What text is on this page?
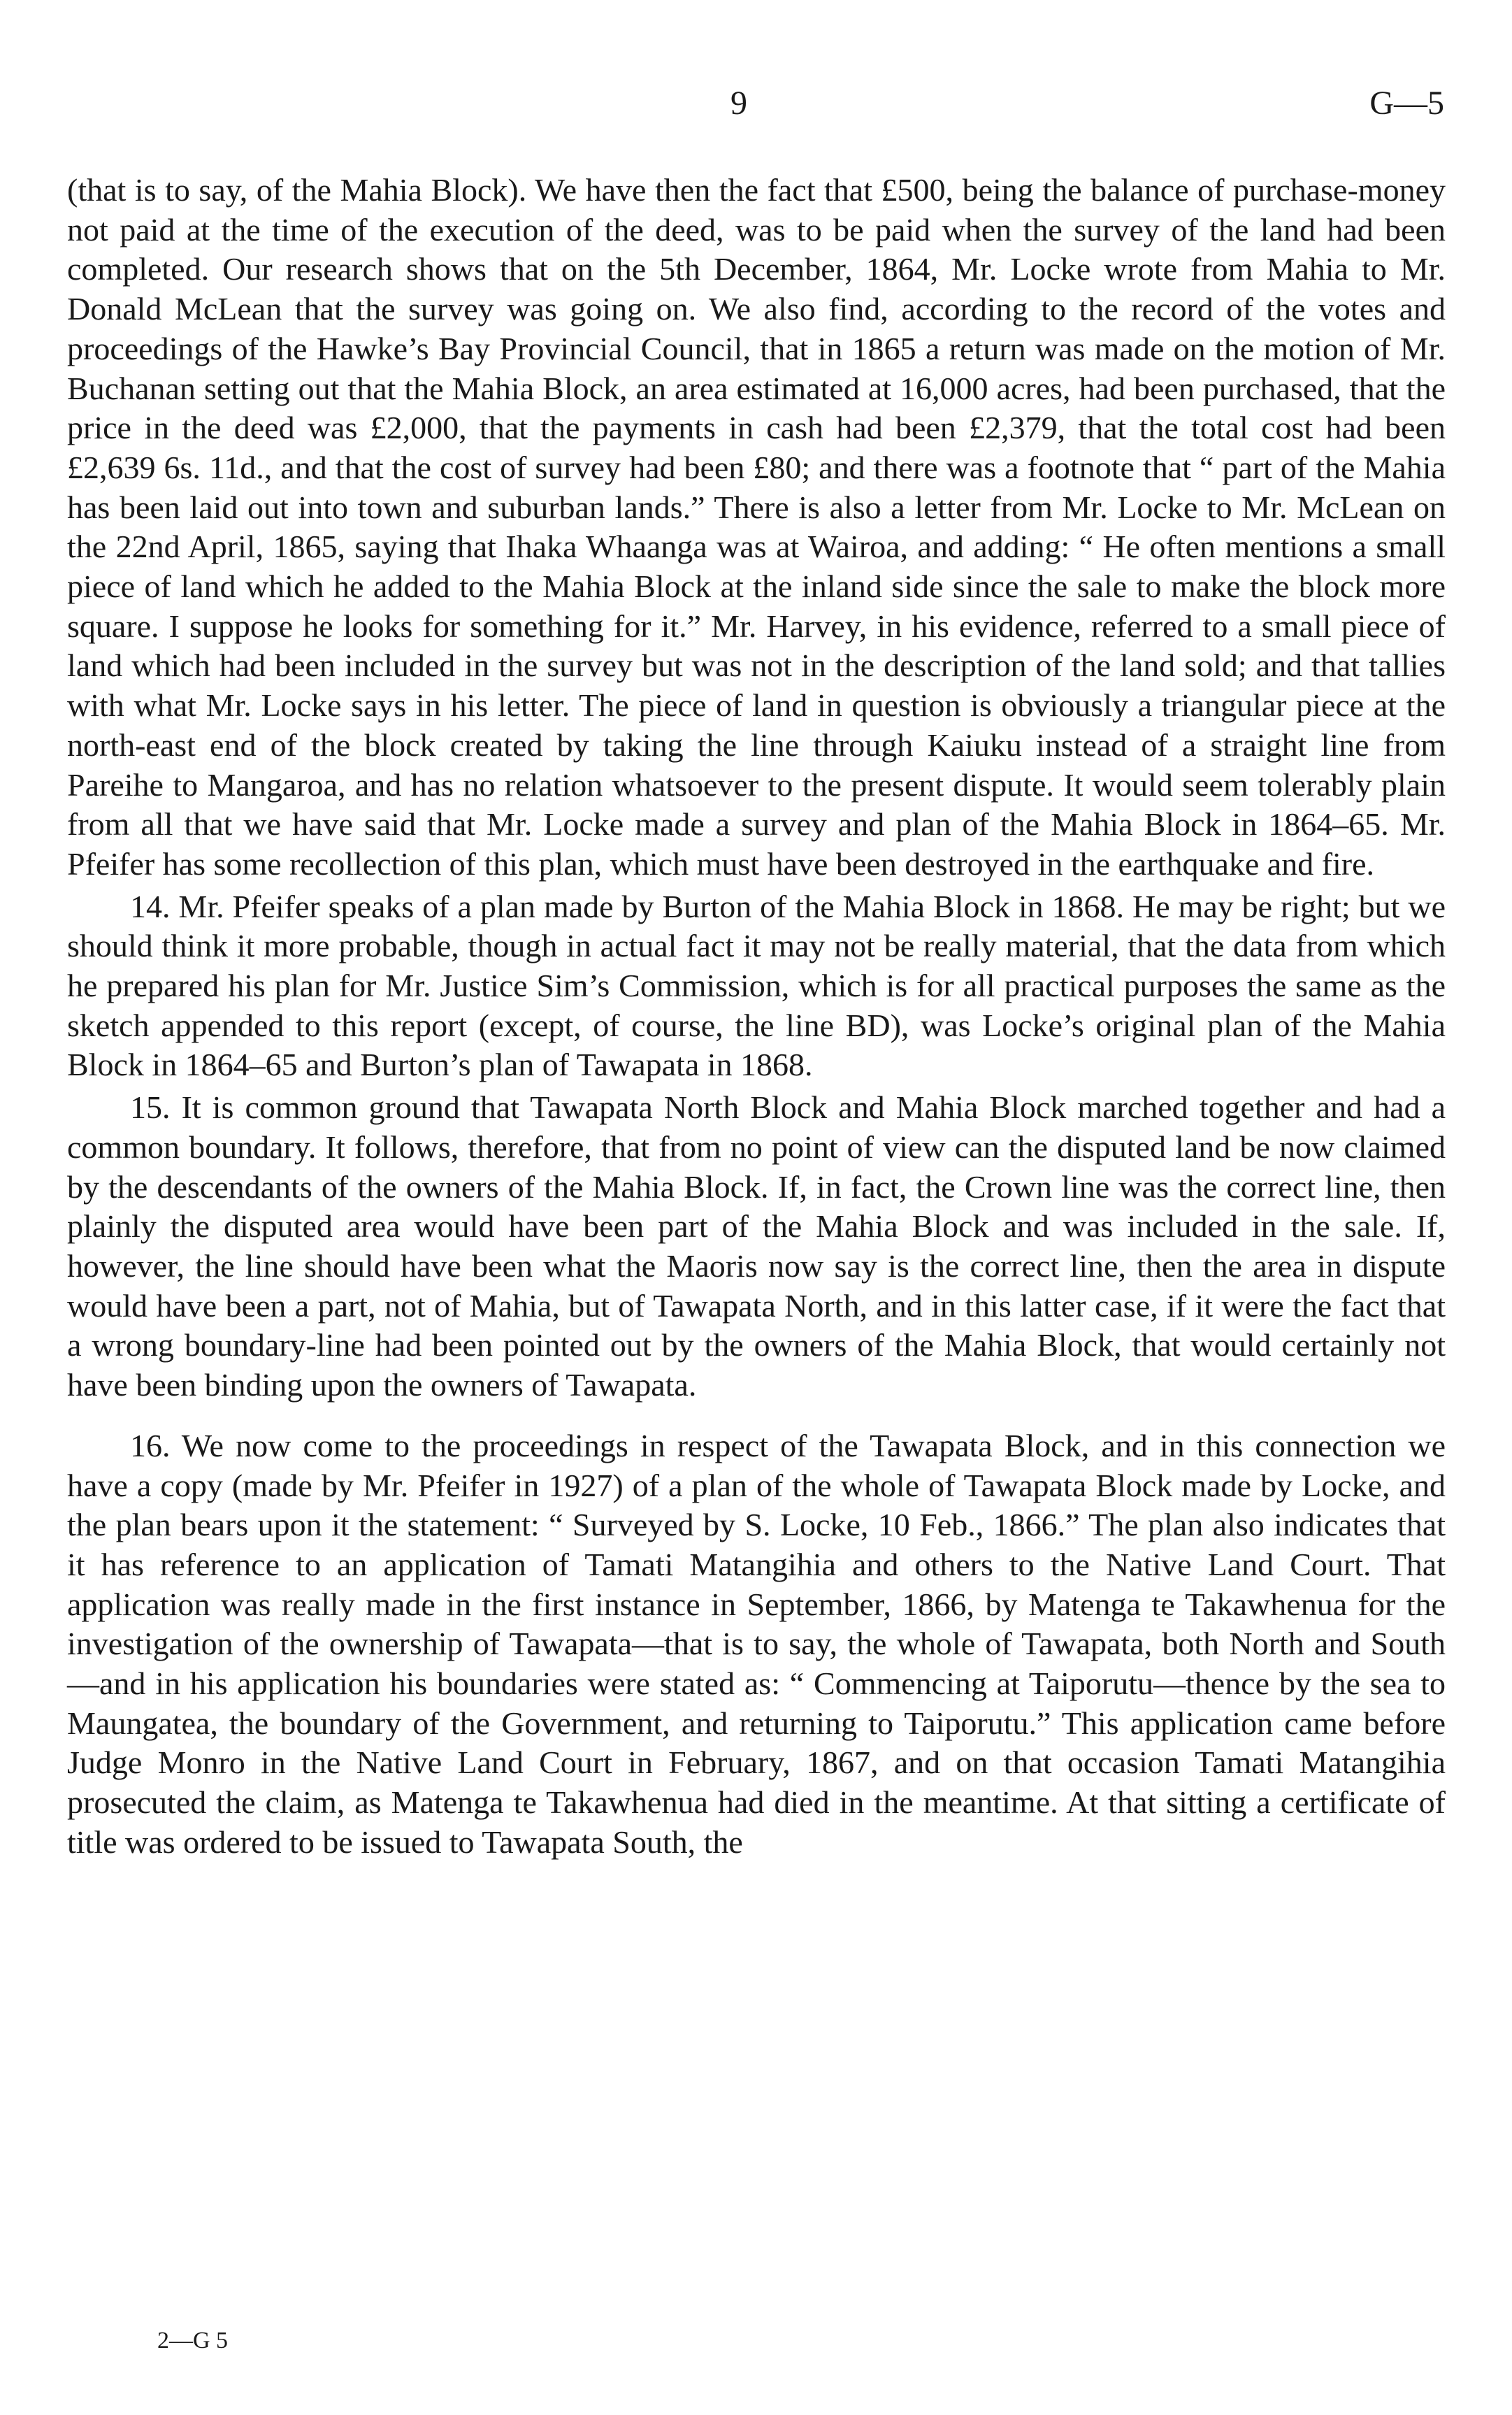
9	G—5

(that is to say, of the Mahia Block). We have then the fact that £500, being the balance of purchase-money not paid at the time of the execution of the deed, was to be paid when the survey of the land had been completed. Our research shows that on the 5th December, 1864, Mr. Locke wrote from Mahia to Mr. Donald McLean that the survey was going on. We also find, according to the record of the votes and proceedings of the Hawke’s Bay Provincial Council, that in 1865 a return was made on the motion of Mr. Buchanan setting out that the Mahia Block, an area estimated at 16,000 acres, had been purchased, that the price in the deed was £2,000, that the payments in cash had been £2,379, that the total cost had been £2,639 6s. 11d., and that the cost of survey had been £80; and there was a footnote that “ part of the Mahia has been laid out into town and suburban lands.” There is also a letter from Mr. Locke to Mr. McLean on the 22nd April, 1865, saying that Ihaka Whaanga was at Wairoa, and adding: “ He often mentions a small piece of land which he added to the Mahia Block at the inland side since the sale to make the block more square. I suppose he looks for something for it.” Mr. Harvey, in his evidence, referred to a small piece of land which had been included in the survey but was not in the description of the land sold; and that tallies with what Mr. Locke says in his letter. The piece of land in question is obviously a triangular piece at the north-east end of the block created by taking the line through Kaiuku instead of a straight line from Pareihe to Mangaroa, and has no relation whatsoever to the present dispute. It would seem tolerably plain from all that we have said that Mr. Locke made a survey and plan of the Mahia Block in 1864–65. Mr. Pfeifer has some recollection of this plan, which must have been destroyed in the earthquake and fire.

14. Mr. Pfeifer speaks of a plan made by Burton of the Mahia Block in 1868. He may be right; but we should think it more probable, though in actual fact it may not be really material, that the data from which he prepared his plan for Mr. Justice Sim’s Commission, which is for all practical purposes the same as the sketch appended to this report (except, of course, the line BD), was Locke’s original plan of the Mahia Block in 1864–65 and Burton’s plan of Tawapata in 1868.

15. It is common ground that Tawapata North Block and Mahia Block marched together and had a common boundary. It follows, therefore, that from no point of view can the disputed land be now claimed by the descendants of the owners of the Mahia Block. If, in fact, the Crown line was the correct line, then plainly the disputed area would have been part of the Mahia Block and was included in the sale. If, however, the line should have been what the Maoris now say is the correct line, then the area in dispute would have been a part, not of Mahia, but of Tawapata North, and in this latter case, if it were the fact that a wrong boundary-line had been pointed out by the owners of the Mahia Block, that would certainly not have been binding upon the owners of Tawapata.

16. We now come to the proceedings in respect of the Tawapata Block, and in this connection we have a copy (made by Mr. Pfeifer in 1927) of a plan of the whole of Tawapata Block made by Locke, and the plan bears upon it the statement: “ Surveyed by S. Locke, 10 Feb., 1866.” The plan also indicates that it has reference to an application of Tamati Matangihia and others to the Native Land Court. That application was really made in the first instance in September, 1866, by Matenga te Takawhenua for the investigation of the ownership of Tawapata—that is to say, the whole of Tawapata, both North and South—and in his application his boundaries were stated as: “ Commencing at Taiporutu—thence by the sea to Maungatea, the boundary of the Government, and returning to Taiporutu.” This application came before Judge Monro in the Native Land Court in February, 1867, and on that occasion Tamati Matangihia prosecuted the claim, as Matenga te Takawhenua had died in the meantime. At that sitting a certificate of title was ordered to be issued to Tawapata South, the

2—G 5
